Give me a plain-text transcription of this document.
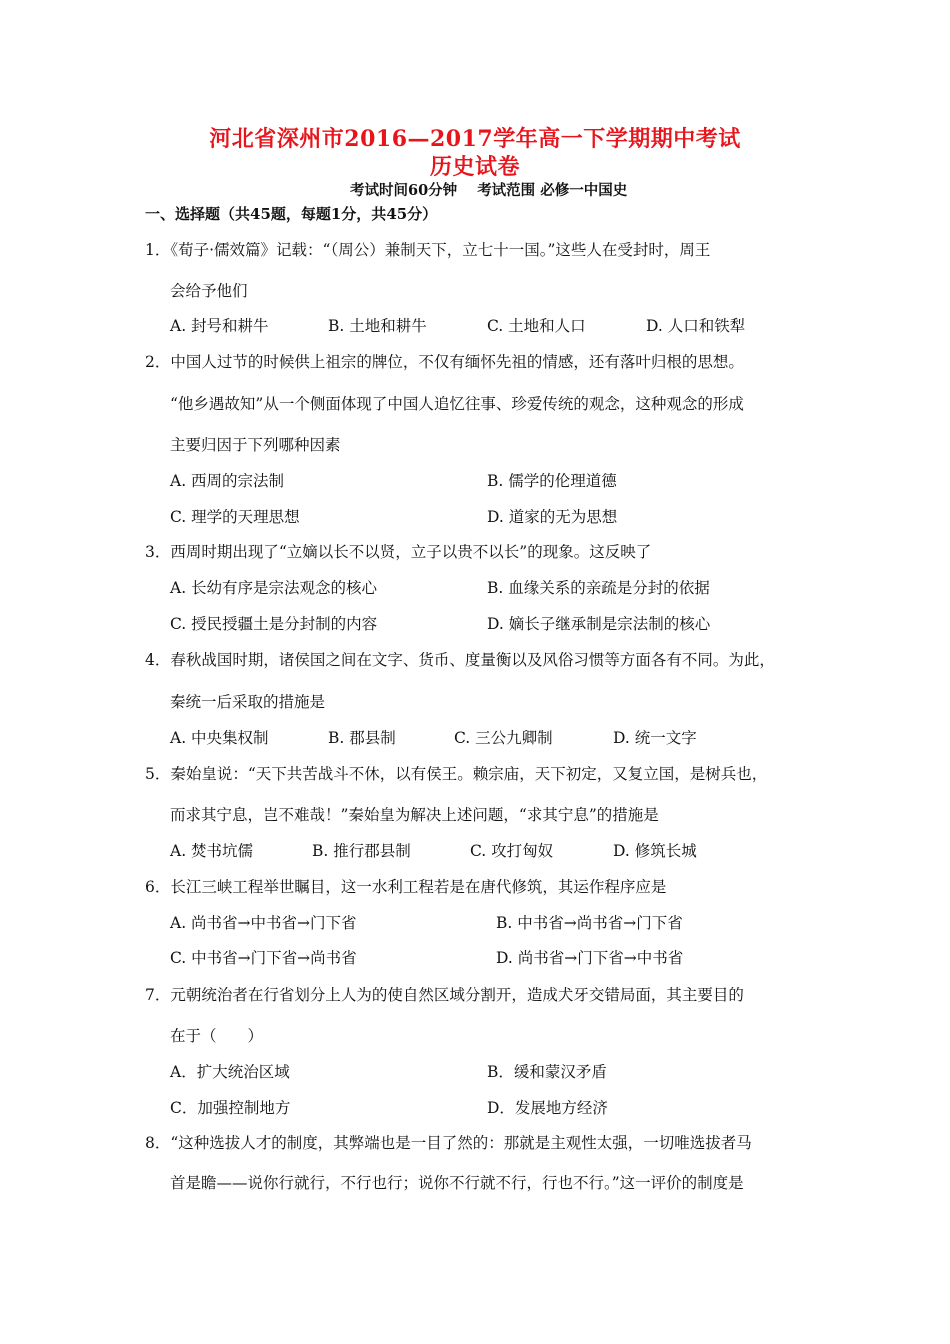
河北省深州市2016—2017学年高一下学期期中考试
历史试卷
考试时间60分钟 考试范围 必修一中国史
一、选择题（共45题，每题1分，共45分）
1．《荀子·儒效篇》记载：“（周公）兼制天下，立七十一国。”这些人在受封时，周王
会给予他们
A. 封号和耕牛	B. 土地和耕牛	C. 土地和人口	D. 人口和铁犁
2．中国人过节的时候供上祖宗的牌位，不仅有缅怀先祖的情感，还有落叶归根的思想。
“他乡遇故知”从一个侧面体现了中国人追忆往事、珍爱传统的观念，这种观念的形成
主要归因于下列哪种因素
A. 西周的宗法制	B. 儒学的伦理道德
C. 理学的天理思想	D. 道家的无为思想
3．西周时期出现了“立嫡以长不以贤，立子以贵不以长”的现象。这反映了
A. 长幼有序是宗法观念的核心	B. 血缘关系的亲疏是分封的依据
C. 授民授疆土是分封制的内容	D. 嫡长子继承制是宗法制的核心
4．春秋战国时期，诸侯国之间在文字、货币、度量衡以及风俗习惯等方面各有不同。为此，
秦统一后采取的措施是
A. 中央集权制	B. 郡县制	C. 三公九卿制	D. 统一文字
5．秦始皇说：“天下共苦战斗不休，以有侯王。赖宗庙，天下初定，又复立国，是树兵也，
而求其宁息，岂不难哉！”秦始皇为解决上述问题，“求其宁息”的措施是
A. 焚书坑儒	B. 推行郡县制	C. 攻打匈奴	D. 修筑长城
6．长江三峡工程举世瞩目，这一水利工程若是在唐代修筑，其运作程序应是
A. 尚书省→中书省→门下省	B. 中书省→尚书省→门下省
C. 中书省→门下省→尚书省	D. 尚书省→门下省→中书省
7．元朝统治者在行省划分上人为的使自然区域分割开，造成犬牙交错局面，其主要目的
在于（　　）
A．扩大统治区域	B．缓和蒙汉矛盾
C．加强控制地方	D．发展地方经济
8．“这种选拔人才的制度，其弊端也是一目了然的：那就是主观性太强，一切唯选拔者马
首是瞻——说你行就行，不行也行；说你不行就不行，行也不行。”这一评价的制度是
